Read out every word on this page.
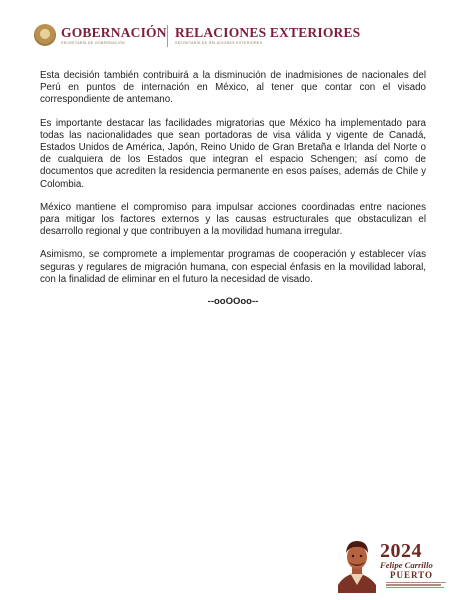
GOBERNACIÓN
SECRETARÍA DE GOBERNACIÓN
RELACIONES EXTERIORES
SECRETARÍA DE RELACIONES EXTERIORES

Esta decisión también contribuirá a la disminución de inadmisiones de nacionales del Perú en puntos de internación en México, al tener que contar con el visado correspondiente de antemano.

Es importante destacar las facilidades migratorias que México ha implementado para todas las nacionalidades que sean portadoras de visa válida y vigente de Canadá, Estados Unidos de América, Japón, Reino Unido de Gran Bretaña e Irlanda del Norte o de cualquiera de los Estados que integran el espacio Schengen; así como de documentos que acrediten la residencia permanente en esos países, además de Chile y Colombia.

México mantiene el compromiso para impulsar acciones coordinadas entre naciones para mitigar los factores externos y las causas estructurales que obstaculizan el desarrollo regional y que contribuyen a la movilidad humana irregular.

Asimismo, se compromete a implementar programas de cooperación y establecer vías seguras y regulares de migración humana, con especial énfasis en la movilidad laboral, con la finalidad de eliminar en el futuro la necesidad de visado.

--ooOOoo--
2024
Felipe Carrillo
PUERTO
